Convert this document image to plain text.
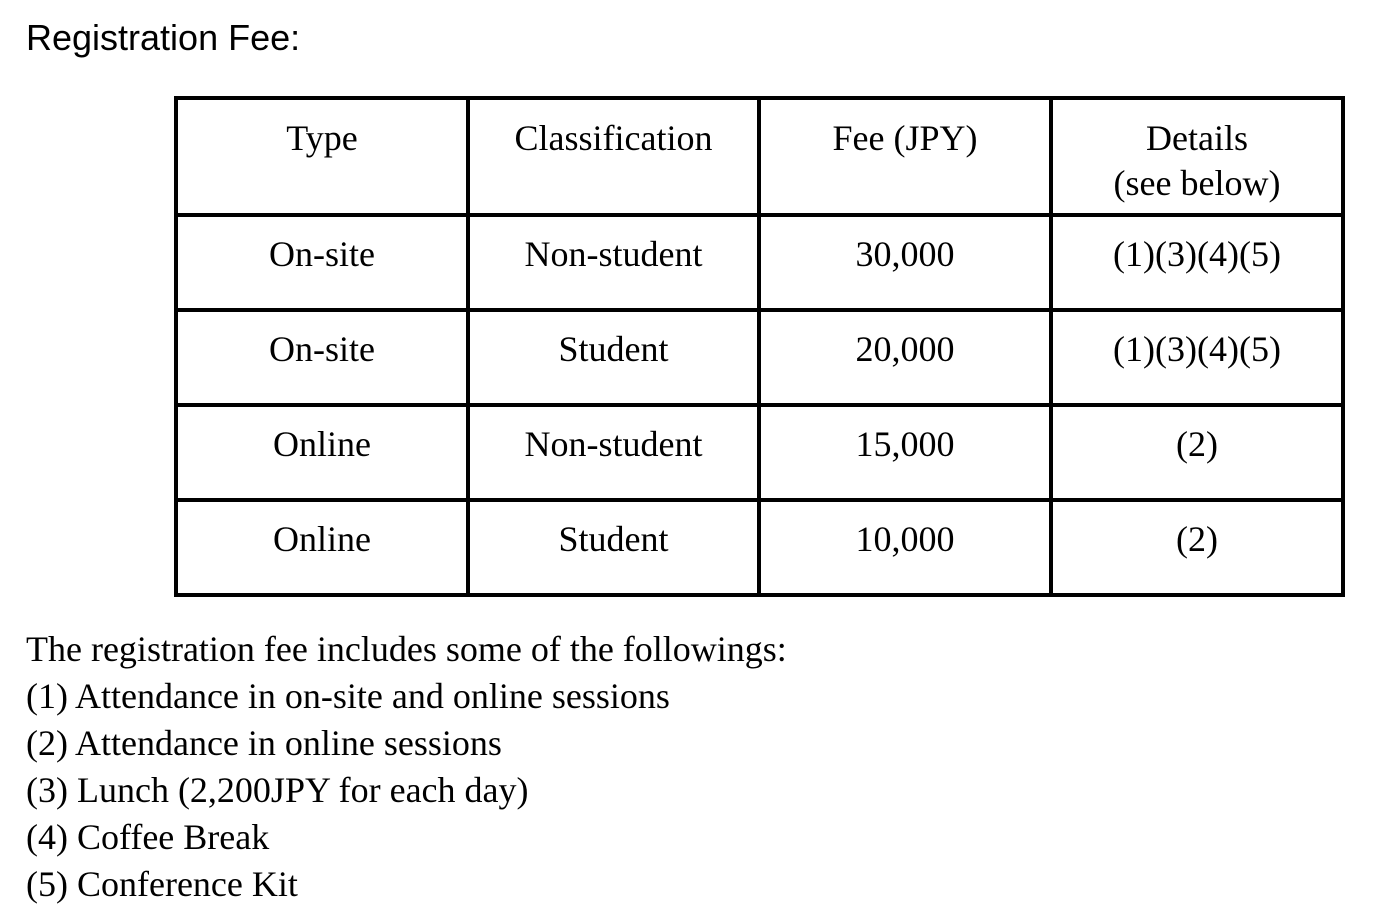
Registration Fee:
Type	Classification	Fee (JPY)	Details
(see below)

On-site	Non-student	30,000	(1)(3)(4)(5)
On-site	Student	20,000	(1)(3)(4)(5)
Online	Non-student	15,000	(2)
Online	Student	10,000	(2)
The registration fee includes some of the followings:
(1) Attendance in on-site and online sessions
(2) Attendance in online sessions
(3) Lunch (2,200JPY for each day)
(4) Coffee Break
(5) Conference Kit
